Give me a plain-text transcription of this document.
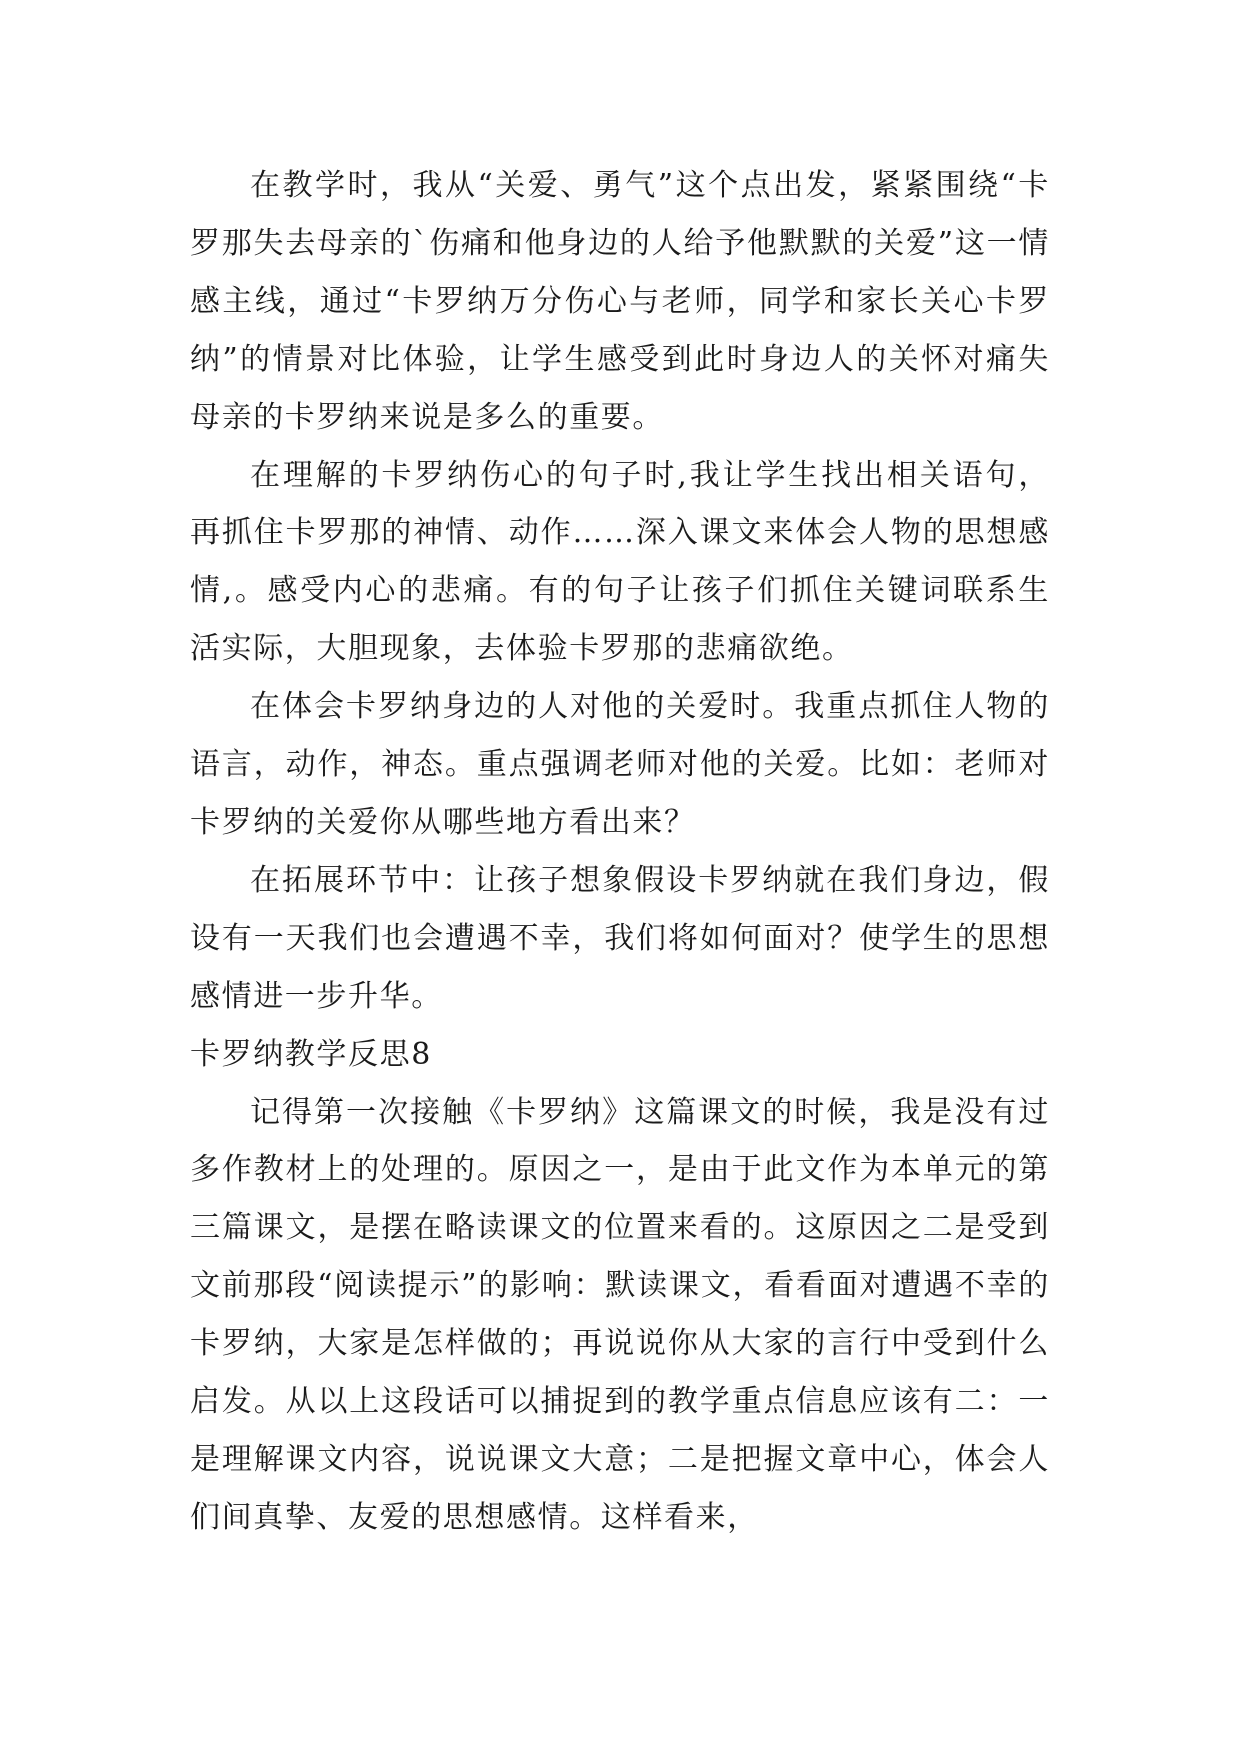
在教学时，我从“关爱、勇气”这个点出发，紧紧围绕“卡罗那失去母亲的`伤痛和他身边的人给予他默默的关爱”这一情感主线，通过“卡罗纳万分伤心与老师，同学和家长关心卡罗纳”的情景对比体验，让学生感受到此时身边人的关怀对痛失母亲的卡罗纳来说是多么的重要。

在理解的卡罗纳伤心的句子时,我让学生找出相关语句，再抓住卡罗那的神情、动作……深入课文来体会人物的思想感情,。感受内心的悲痛。有的句子让孩子们抓住关键词联系生活实际，大胆现象，去体验卡罗那的悲痛欲绝。

在体会卡罗纳身边的人对他的关爱时。我重点抓住人物的语言，动作，神态。重点强调老师对他的关爱。比如：老师对卡罗纳的关爱你从哪些地方看出来？

在拓展环节中：让孩子想象假设卡罗纳就在我们身边，假设有一天我们也会遭遇不幸，我们将如何面对？使学生的思想感情进一步升华。

卡罗纳教学反思8

记得第一次接触《卡罗纳》这篇课文的时候，我是没有过多作教材上的处理的。原因之一，是由于此文作为本单元的第三篇课文，是摆在略读课文的位置来看的。这原因之二是受到文前那段“阅读提示”的影响：默读课文，看看面对遭遇不幸的卡罗纳，大家是怎样做的；再说说你从大家的言行中受到什么启发。从以上这段话可以捕捉到的教学重点信息应该有二：一是理解课文内容，说说课文大意；二是把握文章中心，体会人们间真挚、友爱的思想感情。这样看来，
